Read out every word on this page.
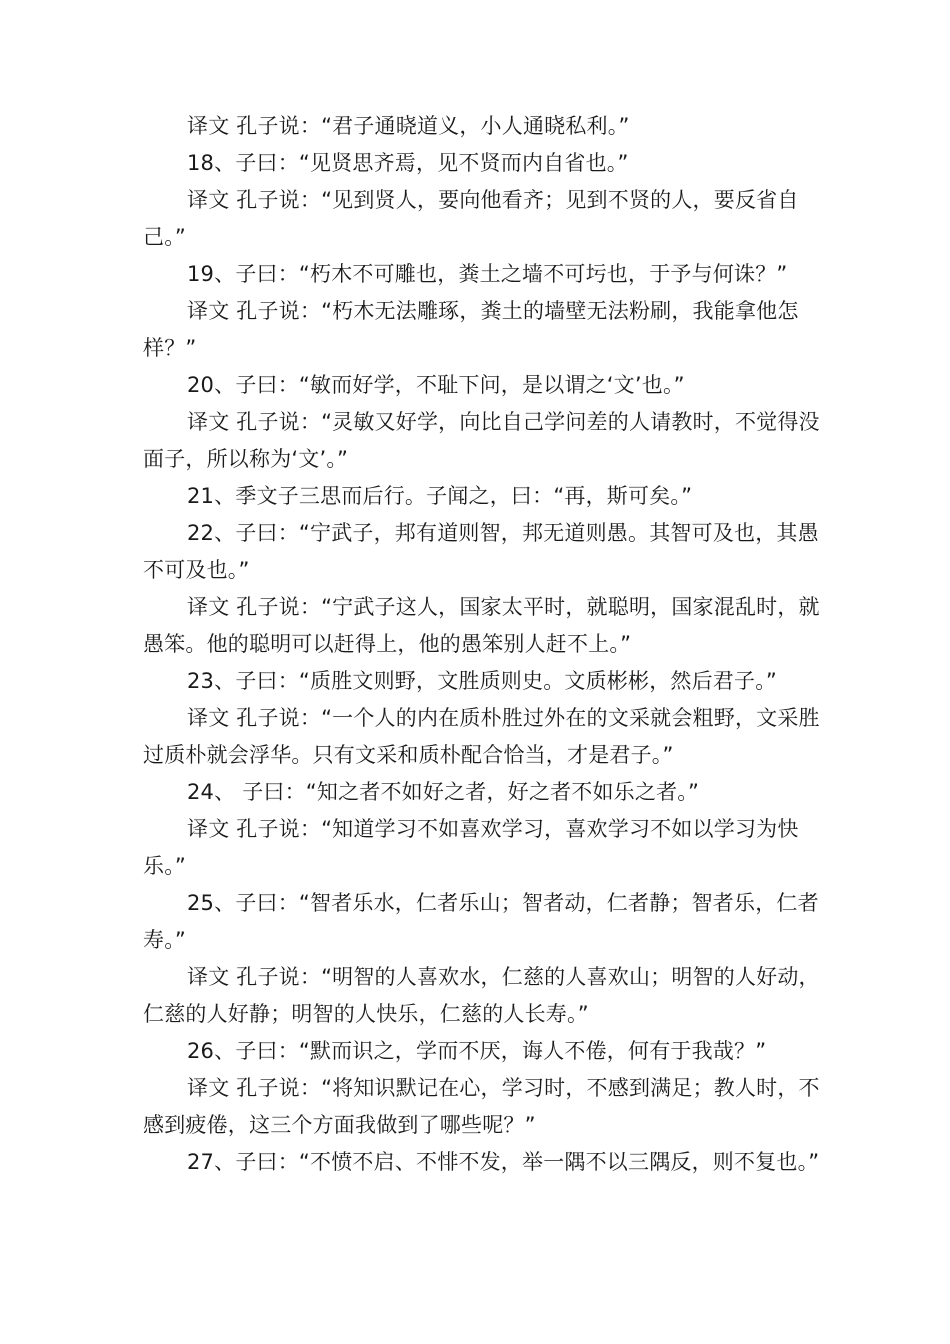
译文 孔子说：“君子通晓道义，小人通晓私利。”

18、子曰：“见贤思齐焉，见不贤而内自省也。”

译文 孔子说：“见到贤人，要向他看齐；见到不贤的人，要反省自己。”

19、子曰：“朽木不可雕也，粪土之墙不可圬也，于予与何诛？”

译文 孔子说：“朽木无法雕琢，粪土的墙壁无法粉刷，我能拿他怎样？”

20、子曰：“敏而好学，不耻下问，是以谓之‘文’也。”

译文 孔子说：“灵敏又好学，向比自己学问差的人请教时，不觉得没面子，所以称为‘文’。”

21、季文子三思而后行。子闻之，曰：“再，斯可矣。”

22、子曰：“宁武子，邦有道则智，邦无道则愚。其智可及也，其愚不可及也。”

译文 孔子说：“宁武子这人，国家太平时，就聪明，国家混乱时，就愚笨。他的聪明可以赶得上，他的愚笨别人赶不上。”

23、子曰：“质胜文则野，文胜质则史。文质彬彬，然后君子。”

译文 孔子说：“一个人的内在质朴胜过外在的文采就会粗野，文采胜过质朴就会浮华。只有文采和质朴配合恰当，才是君子。”

24、 子曰：“知之者不如好之者，好之者不如乐之者。”

译文 孔子说：“知道学习不如喜欢学习，喜欢学习不如以学习为快乐。”

25、子曰：“智者乐水，仁者乐山；智者动，仁者静；智者乐，仁者寿。”

译文 孔子说：“明智的人喜欢水，仁慈的人喜欢山；明智的人好动，仁慈的人好静；明智的人快乐，仁慈的人长寿。”

26、子曰：“默而识之，学而不厌，诲人不倦，何有于我哉？”

译文 孔子说：“将知识默记在心，学习时，不感到满足；教人时，不感到疲倦，这三个方面我做到了哪些呢？”

27、子曰：“不愤不启、不悱不发，举一隅不以三隅反，则不复也。”
